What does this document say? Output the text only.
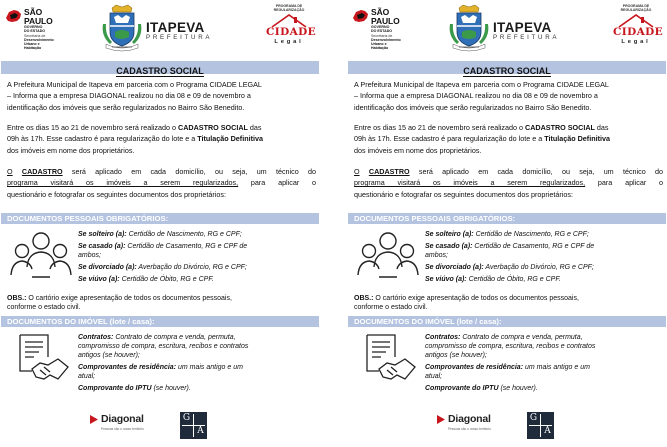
SÃO
PAULO
GOVERNO
DO ESTADO
Secretaria de
Desenvolvimento
Urbano e
Habitação
ITAPEVA
PREFEITURA
PROGRAMA DE
REGULARIZAÇÃO
CIDADE
Legal
CADASTRO SOCIAL
A Prefeitura Municipal de Itapeva em parceria com o Programa CIDADE LEGAL
– Informa que a empresa DIAGONAL realizou no dia 08 e 09 de novembro a
identificação dos imóveis que serão regularizados no Bairro São Benedito.
Entre os dias 15 ao 21 de novembro será realizado o CADASTRO SOCIAL das
09h às 17h. Esse cadastro é para regularização do lote e a Titulação Definitiva
dos imóveis em nome dos proprietários.
O CADASTRO será aplicado em cada domicílio, ou seja, um técnico do
programa visitará os imóveis a serem regularizados, para aplicar o
questionário e fotografar os seguintes documentos dos proprietários:
DOCUMENTOS PESSOAIS OBRIGATÓRIOS:
Se solteiro (a): Certidão de Nascimento, RG e CPF;
Se casado (a): Certidão de Casamento, RG e CPF de
ambos;
Se divorciado (a): Averbação do Divórcio, RG e CPF;
Se viúvo (a): Certidão de Óbito, RG e CPF.
OBS.: O cartório exige apresentação de todos os documentos pessoais,
conforme o estado civil.
DOCUMENTOS DO IMÓVEL (lote / casa):
Contratos: Contrato de compra e venda, permuta,
compromisso de compra, escritura, recibos e contratos
antigos (se houver);
Comprovantes de residência: um mais antigo e um
atual;
Comprovante do IPTU (se houver).
Diagonal
Pessoas são o nosso território
G
A
SÃO
PAULO
GOVERNO
DO ESTADO
Secretaria de
Desenvolvimento
Urbano e
Habitação
ITAPEVA
PREFEITURA
PROGRAMA DE
REGULARIZAÇÃO
CIDADE
Legal
CADASTRO SOCIAL
A Prefeitura Municipal de Itapeva em parceria com o Programa CIDADE LEGAL
– Informa que a empresa DIAGONAL realizou no dia 08 e 09 de novembro a
identificação dos imóveis que serão regularizados no Bairro São Benedito.
Entre os dias 15 ao 21 de novembro será realizado o CADASTRO SOCIAL das
09h às 17h. Esse cadastro é para regularização do lote e a Titulação Definitiva
dos imóveis em nome dos proprietários.
O CADASTRO será aplicado em cada domicílio, ou seja, um técnico do
programa visitará os imóveis a serem regularizados, para aplicar o
questionário e fotografar os seguintes documentos dos proprietários:
DOCUMENTOS PESSOAIS OBRIGATÓRIOS:
Se solteiro (a): Certidão de Nascimento, RG e CPF;
Se casado (a): Certidão de Casamento, RG e CPF de
ambos;
Se divorciado (a): Averbação do Divórcio, RG e CPF;
Se viúvo (a): Certidão de Óbito, RG e CPF.
OBS.: O cartório exige apresentação de todos os documentos pessoais,
conforme o estado civil.
DOCUMENTOS DO IMÓVEL (lote / casa):
Contratos: Contrato de compra e venda, permuta,
compromisso de compra, escritura, recibos e contratos
antigos (se houver);
Comprovantes de residência: um mais antigo e um
atual;
Comprovante do IPTU (se houver).
Diagonal
Pessoas são o nosso território
G
A
